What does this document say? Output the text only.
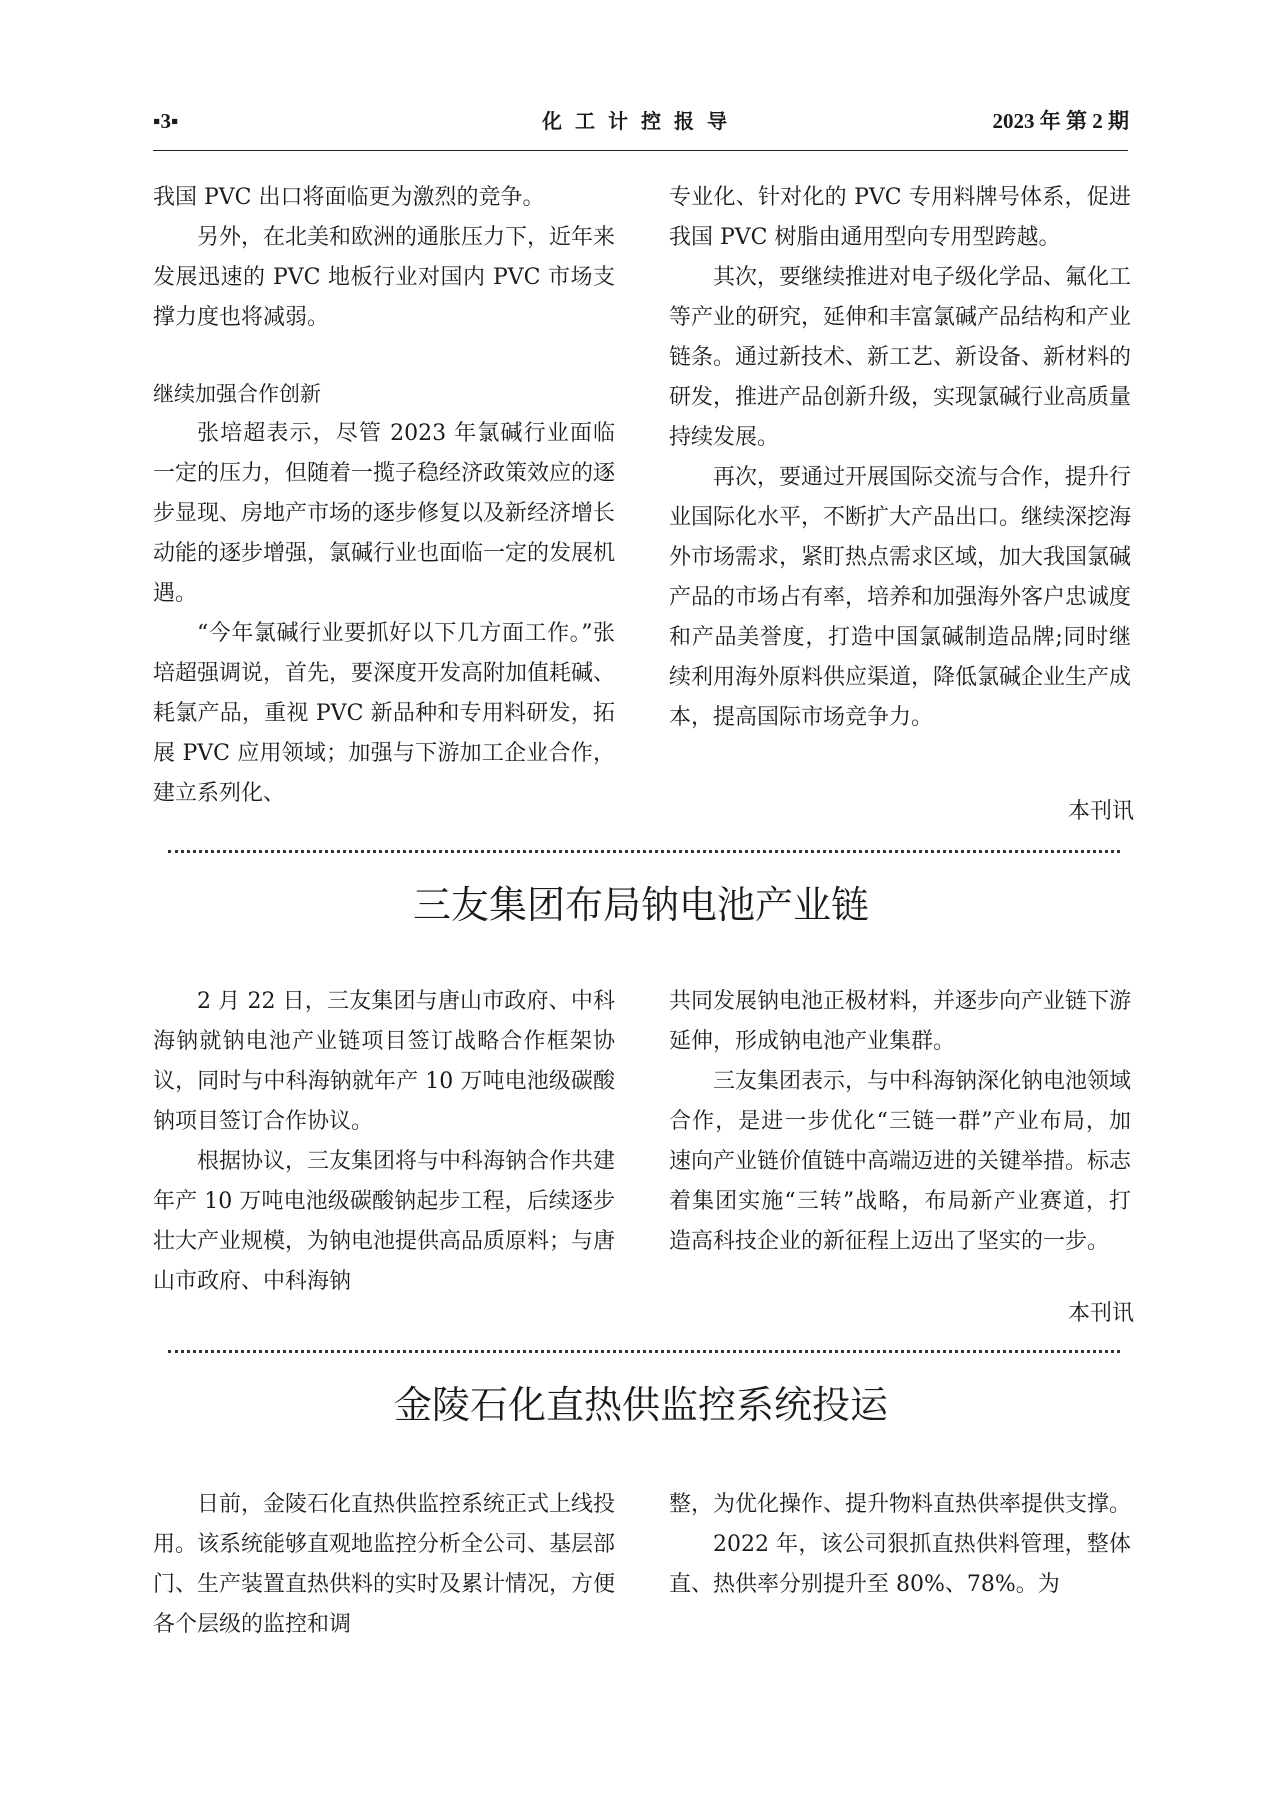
▪3▪	化工计控报导	2023 年 第 2 期

我国 PVC 出口将面临更为激烈的竞争。

另外，在北美和欧洲的通胀压力下，近年来发展迅速的 PVC 地板行业对国内 PVC 市场支撑力度也将减弱。

继续加强合作创新

张培超表示，尽管 2023 年氯碱行业面临一定的压力，但随着一揽子稳经济政策效应的逐步显现、房地产市场的逐步修复以及新经济增长动能的逐步增强，氯碱行业也面临一定的发展机遇。

“今年氯碱行业要抓好以下几方面工作。”张培超强调说，首先，要深度开发高附加值耗碱、耗氯产品，重视 PVC 新品种和专用料研发，拓展 PVC 应用领域；加强与下游加工企业合作，建立系列化、

专业化、针对化的 PVC 专用料牌号体系，促进我国 PVC 树脂由通用型向专用型跨越。

其次，要继续推进对电子级化学品、氟化工等产业的研究，延伸和丰富氯碱产品结构和产业链条。通过新技术、新工艺、新设备、新材料的研发，推进产品创新升级，实现氯碱行业高质量持续发展。

再次，要通过开展国际交流与合作，提升行业国际化水平，不断扩大产品出口。继续深挖海外市场需求，紧盯热点需求区域，加大我国氯碱产品的市场占有率，培养和加强海外客户忠诚度和产品美誉度，打造中国氯碱制造品牌;同时继续利用海外原料供应渠道，降低氯碱企业生产成本，提高国际市场竞争力。

本刊讯
三友集团布局钠电池产业链

2 月 22 日，三友集团与唐山市政府、中科海钠就钠电池产业链项目签订战略合作框架协议，同时与中科海钠就年产 10 万吨电池级碳酸钠项目签订合作协议。

根据协议，三友集团将与中科海钠合作共建年产 10 万吨电池级碳酸钠起步工程，后续逐步壮大产业规模，为钠电池提供高品质原料；与唐山市政府、中科海钠

共同发展钠电池正极材料，并逐步向产业链下游延伸，形成钠电池产业集群。

三友集团表示，与中科海钠深化钠电池领域合作，是进一步优化“三链一群”产业布局，加速向产业链价值链中高端迈进的关键举措。标志着集团实施“三转”战略，布局新产业赛道，打造高科技企业的新征程上迈出了坚实的一步。

本刊讯
金陵石化直热供监控系统投运

日前，金陵石化直热供监控系统正式上线投用。该系统能够直观地监控分析全公司、基层部门、生产装置直热供料的实时及累计情况，方便各个层级的监控和调

整，为优化操作、提升物料直热供率提供支撑。

2022 年，该公司狠抓直热供料管理，整体直、热供率分别提升至 80%、78%。为
